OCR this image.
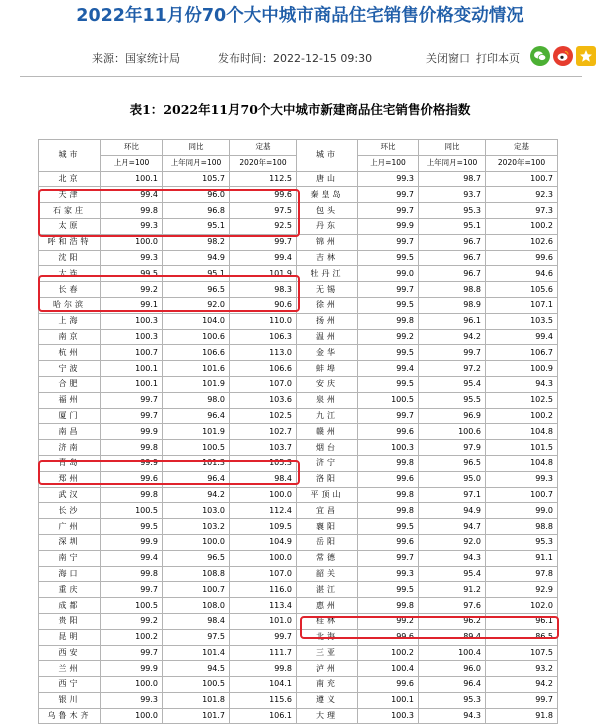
2022年11月份70个大中城市商品住宅销售价格变动情况
来源：国家统计局	发布时间：2022-12-15 09:30	关闭窗口 打印本页
表1：2022年11月70个大中城市新建商品住宅销售价格指数
城市	环比	同比	定基	城市	环比	同比	定基
	上月=100	上年同月=100	2020年=100		上月=100	上年同月=100	2020年=100
北京	100.1	105.7	112.5	唐山	99.3	98.7	100.7
天津	99.4	96.0	99.6	秦皇岛	99.7	93.7	92.3
石家庄	99.8	96.8	97.5	包头	99.7	95.3	97.3
太原	99.3	95.1	92.5	丹东	99.9	95.1	100.2
呼和浩特	100.0	98.2	99.7	锦州	99.7	96.7	102.6
沈阳	99.3	94.9	99.4	吉林	99.5	96.7	99.6
大连	99.5	95.1	101.9	牡丹江	99.0	96.7	94.6
长春	99.2	96.5	98.3	无锡	99.7	98.8	105.6
哈尔滨	99.1	92.0	90.6	徐州	99.5	98.9	107.1
上海	100.3	104.0	110.0	扬州	99.8	96.1	103.5
南京	100.3	100.6	106.3	温州	99.2	94.2	99.4
杭州	100.7	106.6	113.0	金华	99.5	99.7	106.7
宁波	100.1	101.6	106.6	蚌埠	99.4	97.2	100.9
合肥	100.1	101.9	107.0	安庆	99.5	95.4	94.3
福州	99.7	98.0	103.6	泉州	100.5	95.5	102.5
厦门	99.7	96.4	102.5	九江	99.7	96.9	100.2
南昌	99.9	101.9	102.7	赣州	99.6	100.6	104.8
济南	99.8	100.5	103.7	烟台	100.3	97.9	101.5
青岛	99.9	101.3	105.3	济宁	99.8	96.5	104.8
郑州	99.6	96.4	98.4	洛阳	99.6	95.0	99.3
武汉	99.8	94.2	100.0	平顶山	99.8	97.1	100.7
长沙	100.5	103.0	112.4	宜昌	99.8	94.9	99.0
广州	99.5	103.2	109.5	襄阳	99.5	94.7	98.8
深圳	99.9	100.0	104.9	岳阳	99.6	92.0	95.3
南宁	99.4	96.5	100.0	常德	99.7	94.3	91.1
海口	99.8	108.8	107.0	韶关	99.3	95.4	97.8
重庆	99.7	100.7	116.0	湛江	99.5	91.2	92.9
成都	100.5	108.0	113.4	惠州	99.8	97.6	102.0
贵阳	99.2	98.4	101.0	桂林	99.2	96.2	96.1
昆明	100.2	97.5	99.7	北海	99.6	89.4	86.5
西安	99.7	101.4	111.7	三亚	100.2	100.4	107.5
兰州	99.9	94.5	99.8	泸州	100.4	96.0	93.2
西宁	100.0	100.5	104.1	南充	99.6	96.4	94.2
银川	99.3	101.8	115.6	遵义	100.1	95.3	99.7
乌鲁木齐	100.0	101.7	106.1	大理	100.3	94.3	91.8
